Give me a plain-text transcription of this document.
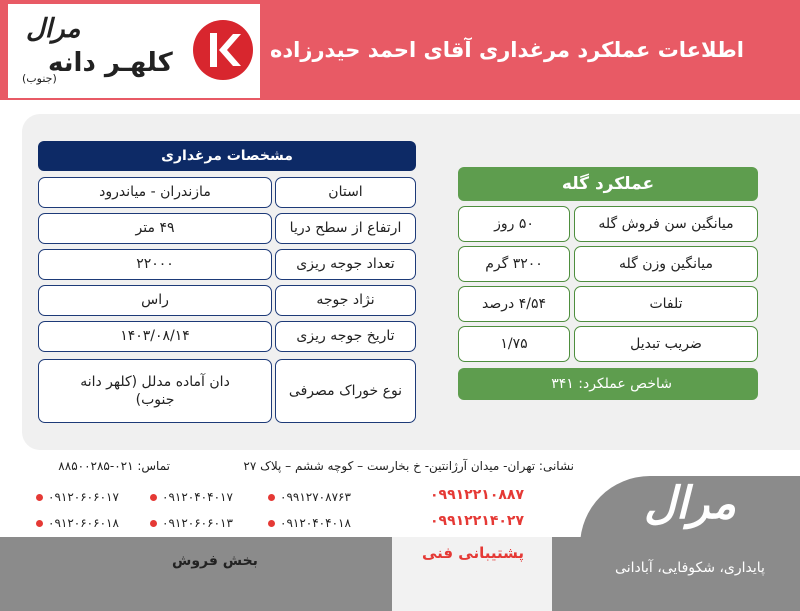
مرال
کلهـر دانه
(جنوب)
اطلاعات عملکرد مرغداری آقای احمد حیدرزاده
مشخصات مرغداری
استان
مازندران - میاندرود
ارتفاع از سطح دریا
۴۹ متر
تعداد جوجه ریزی
۲۲۰۰۰
نژاد جوجه
راس
تاریخ جوجه ریزی
۱۴۰۳/۰۸/۱۴
نوع خوراک مصرفی
دان آماده مدلل (کلهر دانه جنوب)
عملکرد گله
میانگین سن فروش گله
۵۰ روز
میانگین وزن گله
۳۲۰۰ گرم
تلفات
۴/۵۴ درصد
ضریب تبدیل
۱/۷۵
شاخص عملکرد: ۳۴۱
نشانی: تهران- میدان آرژانتین- خ بخارست – کوچه ششم – پلاک ۲۷
تماس: ۰۲۱-۸۸۵۰۰۲۸۵
۰۹۱۲۰۶۰۶۰۱۷	۰۹۱۲۰۴۰۴۰۱۷	۰۹۹۱۲۷۰۸۷۶۳
۰۹۱۲۰۶۰۶۰۱۸	۰۹۱۲۰۶۰۶۰۱۳	۰۹۱۲۰۴۰۴۰۱۸
۰۹۹۱۲۲۱۰۸۸۷
۰۹۹۱۲۲۱۴۰۲۷
بخش فروش	پشتیبانی فنی
مرال
پایداری، شکوفایی، آبادانی
